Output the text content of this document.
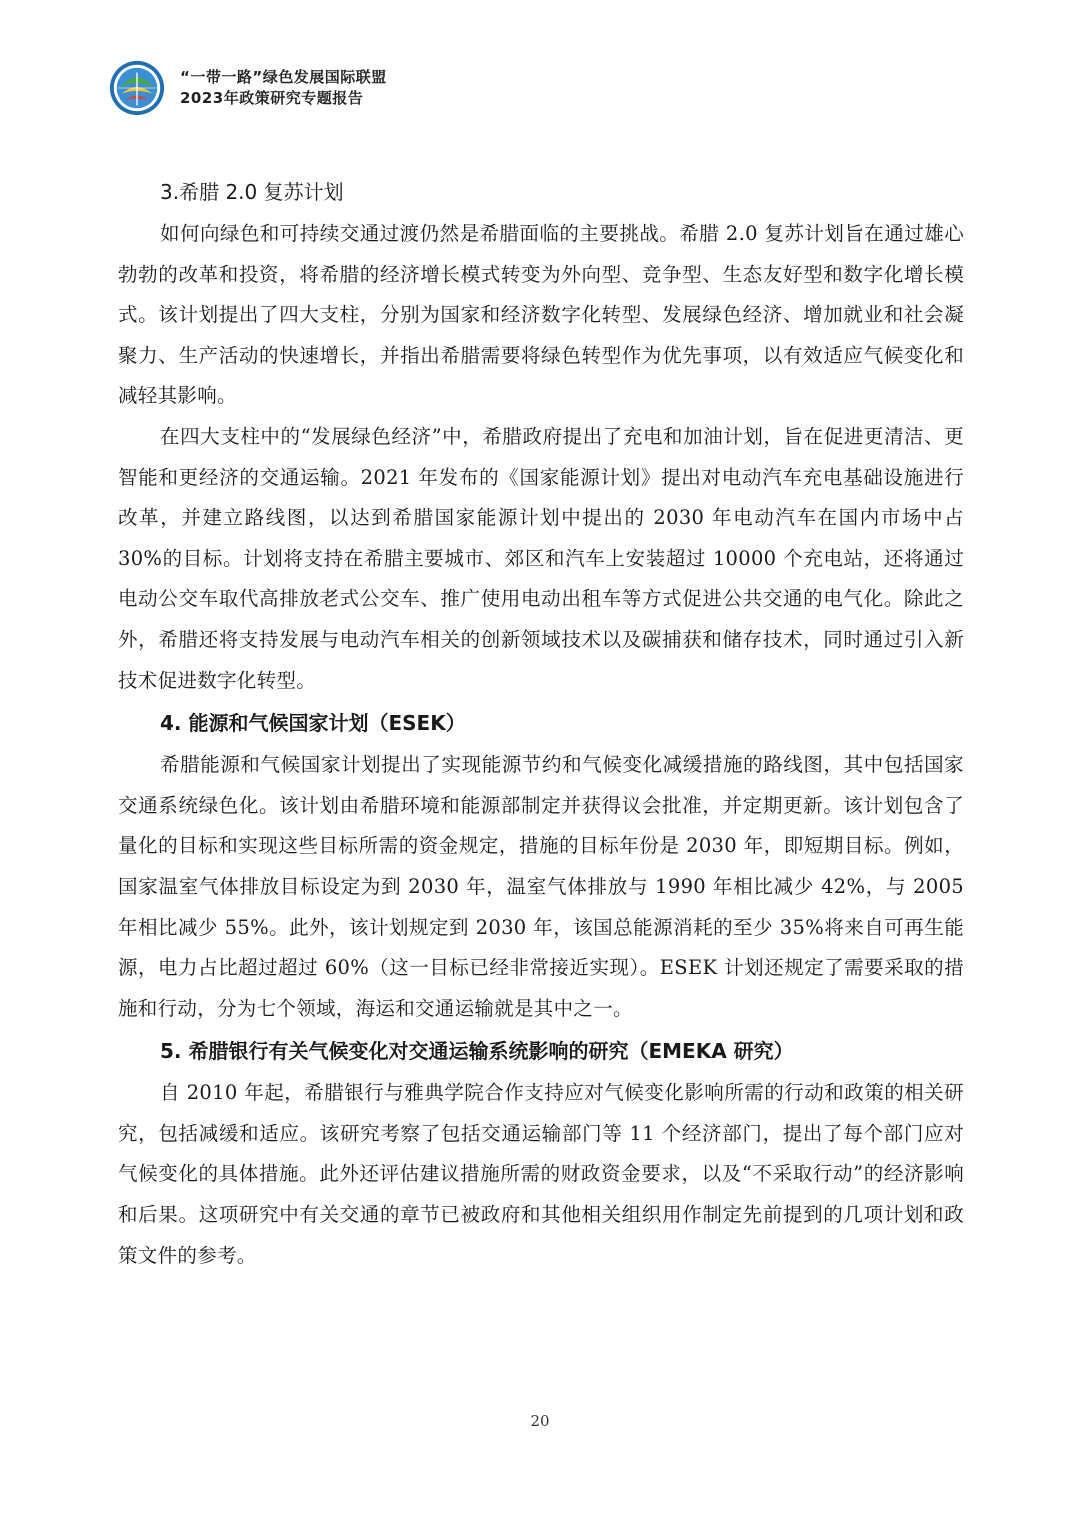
“一带一路”绿色发展国际联盟
2023年政策研究专题报告
3.希腊 2.0 复苏计划

如何向绿色和可持续交通过渡仍然是希腊面临的主要挑战。希腊 2.0 复苏计划旨在通过雄心勃勃的改革和投资，将希腊的经济增长模式转变为外向型、竞争型、生态友好型和数字化增长模式。该计划提出了四大支柱，分别为国家和经济数字化转型、发展绿色经济、增加就业和社会凝聚力、生产活动的快速增长，并指出希腊需要将绿色转型作为优先事项，以有效适应气候变化和减轻其影响。

在四大支柱中的“发展绿色经济”中，希腊政府提出了充电和加油计划，旨在促进更清洁、更智能和更经济的交通运输。2021 年发布的《国家能源计划》提出对电动汽车充电基础设施进行改革，并建立路线图，以达到希腊国家能源计划中提出的 2030 年电动汽车在国内市场中占 30%的目标。计划将支持在希腊主要城市、郊区和汽车上安装超过 10000 个充电站，还将通过电动公交车取代高排放老式公交车、推广使用电动出租车等方式促进公共交通的电气化。除此之外，希腊还将支持发展与电动汽车相关的创新领域技术以及碳捕获和储存技术，同时通过引入新技术促进数字化转型。

4. 能源和气候国家计划（ESEK）

希腊能源和气候国家计划提出了实现能源节约和气候变化减缓措施的路线图，其中包括国家交通系统绿色化。该计划由希腊环境和能源部制定并获得议会批准，并定期更新。该计划包含了量化的目标和实现这些目标所需的资金规定，措施的目标年份是 2030 年，即短期目标。例如，国家温室气体排放目标设定为到 2030 年，温室气体排放与 1990 年相比减少 42%，与 2005 年相比减少 55%。此外，该计划规定到 2030 年，该国总能源消耗的至少 35%将来自可再生能源，电力占比超过超过 60%（这一目标已经非常接近实现）。ESEK 计划还规定了需要采取的措施和行动，分为七个领域，海运和交通运输就是其中之一。

5. 希腊银行有关气候变化对交通运输系统影响的研究（EMEKA 研究）

自 2010 年起，希腊银行与雅典学院合作支持应对气候变化影响所需的行动和政策的相关研究，包括减缓和适应。该研究考察了包括交通运输部门等 11 个经济部门，提出了每个部门应对气候变化的具体措施。此外还评估建议措施所需的财政资金要求，以及“不采取行动”的经济影响和后果。这项研究中有关交通的章节已被政府和其他相关组织用作制定先前提到的几项计划和政策文件的参考。

20
